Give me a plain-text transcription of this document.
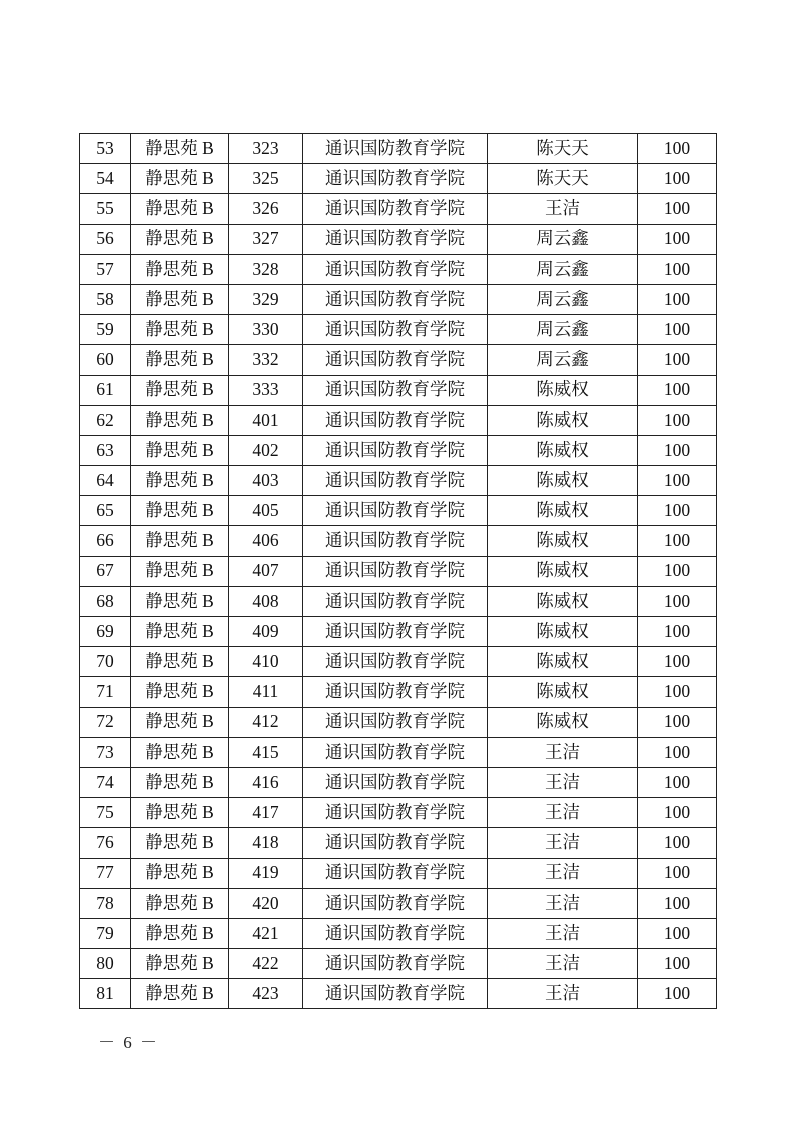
53	静思苑 B	323	通识国防教育学院	陈天天	100
54	静思苑 B	325	通识国防教育学院	陈天天	100
55	静思苑 B	326	通识国防教育学院	王洁	100
56	静思苑 B	327	通识国防教育学院	周云鑫	100
57	静思苑 B	328	通识国防教育学院	周云鑫	100
58	静思苑 B	329	通识国防教育学院	周云鑫	100
59	静思苑 B	330	通识国防教育学院	周云鑫	100
60	静思苑 B	332	通识国防教育学院	周云鑫	100
61	静思苑 B	333	通识国防教育学院	陈威权	100
62	静思苑 B	401	通识国防教育学院	陈威权	100
63	静思苑 B	402	通识国防教育学院	陈威权	100
64	静思苑 B	403	通识国防教育学院	陈威权	100
65	静思苑 B	405	通识国防教育学院	陈威权	100
66	静思苑 B	406	通识国防教育学院	陈威权	100
67	静思苑 B	407	通识国防教育学院	陈威权	100
68	静思苑 B	408	通识国防教育学院	陈威权	100
69	静思苑 B	409	通识国防教育学院	陈威权	100
70	静思苑 B	410	通识国防教育学院	陈威权	100
71	静思苑 B	411	通识国防教育学院	陈威权	100
72	静思苑 B	412	通识国防教育学院	陈威权	100
73	静思苑 B	415	通识国防教育学院	王洁	100
74	静思苑 B	416	通识国防教育学院	王洁	100
75	静思苑 B	417	通识国防教育学院	王洁	100
76	静思苑 B	418	通识国防教育学院	王洁	100
77	静思苑 B	419	通识国防教育学院	王洁	100
78	静思苑 B	420	通识国防教育学院	王洁	100
79	静思苑 B	421	通识国防教育学院	王洁	100
80	静思苑 B	422	通识国防教育学院	王洁	100
81	静思苑 B	423	通识国防教育学院	王洁	100
－ 6 －
